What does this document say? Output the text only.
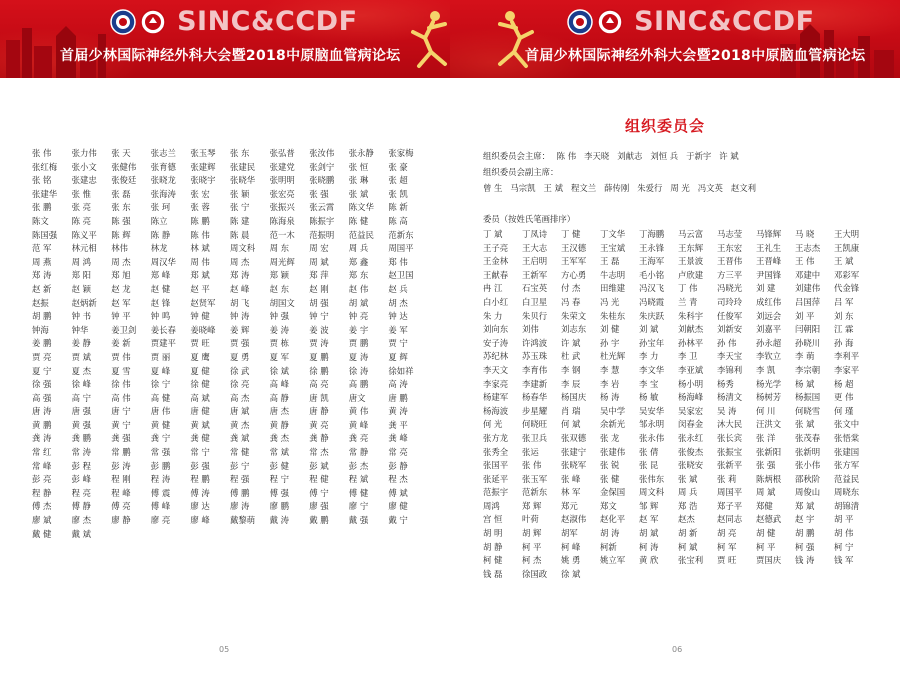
SINC&CCDF
首届少林国际神经外科大会暨2018中原脑血管病论坛
SINC&CCDF
首届少林国际神经外科大会暨2018中原脑血管病论坛
张 伟	张力伟	张 天	张志兰	张玉琴	张 东	张弘普	张汝伟	张永静	张家梅
张红梅	张小文	张健伟	张育德	张建辉	张建民	张建党	张剑宁	张 恒	张 豪
张 铭	张建忠	张俊廷	张晓龙	张晓宇	张晓华	张明明	张晓鹏	张 琳	张 超
张建华	张 惟	张 磊	张海涛	张 宏	张 颖	张宏亮	张 强	张 斌	张 凯
张 鹏	张 亮	张 东	张 珂	张 蓉	张 宁	张振兴	张云霄	陈文华	陈 新
陈文	陈 亮	陈 强	陈立	陈 鹏	陈 建	陈海泉	陈振宇	陈 健	陈 高
陈国强	陈义平	陈 辉	陈 静	陈 伟	陈 晨	范一木	范振明	范益民	范新东
范 军	林元相	林伟	林龙	林 斌	周文科	周 东	周 宏	周 兵	周国平
周 燕	周 鸿	周 杰	周汉华	周 伟	周 杰	周光辉	周 斌	郑 鑫	郑 伟
郑 涛	郑 阳	郑 旭	郑 峰	郑 斌	郑 涛	郑 颖	郑 萍	郑 东	赵卫国
赵 新	赵 颖	赵 龙	赵 健	赵 平	赵 峰	赵 东	赵 刚	赵 伟	赵 兵
赵振	赵炳新	赵 军	赵 锋	赵贤军	胡 飞	胡国文	胡 强	胡 斌	胡 杰
胡 鹏	钟 书	钟 平	钟 鸣	钟 健	钟 涛	钟 强	钟 宁	钟 亮	钟 达
钟海	钟华	姜卫剑	姜长春	姜晓峰	姜 辉	姜 涛	姜 波	姜 宇	姜 军
姜 鹏	姜 静	姜 新	贾建平	贾 旺	贾 强	贾 栋	贾 涛	贾 鹏	贾 宁
贾 亮	贾 斌	贾 伟	贾 丽	夏 鹰	夏 勇	夏 军	夏 鹏	夏 涛	夏 辉
夏 宁	夏 杰	夏 雪	夏 峰	夏 健	徐 武	徐 斌	徐 鹏	徐 涛	徐如祥
徐 强	徐 峰	徐 伟	徐 宁	徐 健	徐 亮	高 峰	高 亮	高 鹏	高 涛
高 强	高 宁	高 伟	高 健	高 斌	高 杰	高 静	唐 凯	唐文	唐 鹏
唐 涛	唐 强	唐 宁	唐 伟	唐 健	唐 斌	唐 杰	唐 静	黄 伟	黄 涛
黄 鹏	黄 强	黄 宁	黄 健	黄 斌	黄 杰	黄 静	黄 亮	黄 峰	龚 平
龚 涛	龚 鹏	龚 强	龚 宁	龚 健	龚 斌	龚 杰	龚 静	龚 亮	龚 峰
常 红	常 涛	常 鹏	常 强	常 宁	常 健	常 斌	常 杰	常 静	常 亮
常 峰	彭 程	彭 涛	彭 鹏	彭 强	彭 宁	彭 健	彭 斌	彭 杰	彭 静
彭 亮	彭 峰	程 刚	程 涛	程 鹏	程 强	程 宁	程 健	程 斌	程 杰
程 静	程 亮	程 峰	傅 震	傅 涛	傅 鹏	傅 强	傅 宁	傅 健	傅 斌
傅 杰	傅 静	傅 亮	傅 峰	廖 达	廖 涛	廖 鹏	廖 强	廖 宁	廖 健
廖 斌	廖 杰	廖 静	廖 亮	廖 峰	戴黎萌	戴 涛	戴 鹏	戴 强	戴 宁
戴 健	戴 斌
05
组织委员会
组织委员会主席： 陈 伟 李天晓 刘献志 刘恒 兵 于新宇 许 斌
组织委员会副主席：
曾 生 马宗凯 王 斌 程文兰 薛传刚 朱爱行 周 光 冯文英 赵文利
委员（按姓氏笔画排序）
丁 斌	丁凤诗	丁 健	丁文华	丁海鹏	马云富	马志莹	马锋辉	马 晓	王大明
王子亮	王大志	王汉德	王宝斌	王永锋	王东辉	王东宏	王礼生	王志杰	王凯康
王金林	王启明	王军军	王 磊	王海军	王景波	王晋伟	王晋峰	王 伟	王 斌
王献春	王新军	方心勇	牛志明	毛小铭	卢欣建	方三平	尹国锋	邓建中	邓彩军
冉 江	石宝英	付 杰	田维建	冯汉飞	丁 伟	冯晓光	刘 建	刘建伟	代金锋
白小红	白卫星	冯 春	冯 光	冯晓霞	兰 青	司玲玲	成红伟	吕国萍	吕 军
朱 力	朱贝行	朱荣文	朱桂东	朱庆跃	朱科宇	任俊军	刘远会	刘 平	刘 东
刘向东	刘伟	刘志东	刘 健	刘 斌	刘献杰	刘新安	刘嘉平	闫朝阳	江 霖
安子涛	许鸿波	许 斌	孙 宇	孙宝年	孙林平	孙 伟	孙永超	孙晓川	孙 海
苏纪林	苏玉珠	杜 武	杜光辉	李 力	李 卫	李天宝	李钦立	李 萌	李利平
李天文	李育伟	李 钢	李 慧	李文华	李亚斌	李锦利	李 凯	李宗朝	李家平
李家亮	李建新	李 辰	李 岩	李 宝	杨小明	杨秀	杨光学	杨 斌	杨 超
杨建军	杨春华	杨国庆	杨 涛	杨 敏	杨海峰	杨清文	杨树芳	杨振国	更 伟
杨海波	步星耀	肖 瑞	吴中学	吴安华	吴家宏	吴 涛	何 川	何晓雪	何 瑾
何 光	何晓旺	何 斌	余新光	邹永明	闵春金	沐大民	汪洪文	张 斌	张文中
张方龙	张卫兵	张双德	张 龙	张永伟	张永红	张长宾	张 洋	张茂春	张悟棠
张秀全	张运	张建宁	张建伟	张 倩	张俊杰	张振宝	张新阳	张新明	张建国
张国平	张 伟	张晓军	张 锐	张 昆	张晓安	张新平	张 强	张小伟	张方军
张延平	张玉军	张 峰	张 健	张伟东	张 斌	张 莉	陈炳根	邵秋阶	范益民
范振宇	范新东	林 军	金保国	周文科	周 兵	周国平	周 斌	周俊山	周晓东
周鸿	郑 辉	郑元	郑文	邹 辉	郑 浩	郑子平	郑健	郑 斌	胡锦清
宫 恒	叶荷	赵淑伟	赵化平	赵 军	赵杰	赵同志	赵德武	赵 宇	胡 平
胡 明	胡 辉	胡军	胡 涛	胡 斌	胡 新	胡 亮	胡 健	胡 鹏	胡 伟
胡 静	柯 平	柯 峰	柯新	柯 涛	柯 斌	柯 军	柯 平	柯 强	柯 宁
柯 健	柯 杰	姚 勇	姚立军	黄 欣	张宝利	贾 旺	贾国庆	钱 涛	钱 军
钱 磊	徐国政	徐 斌
06
